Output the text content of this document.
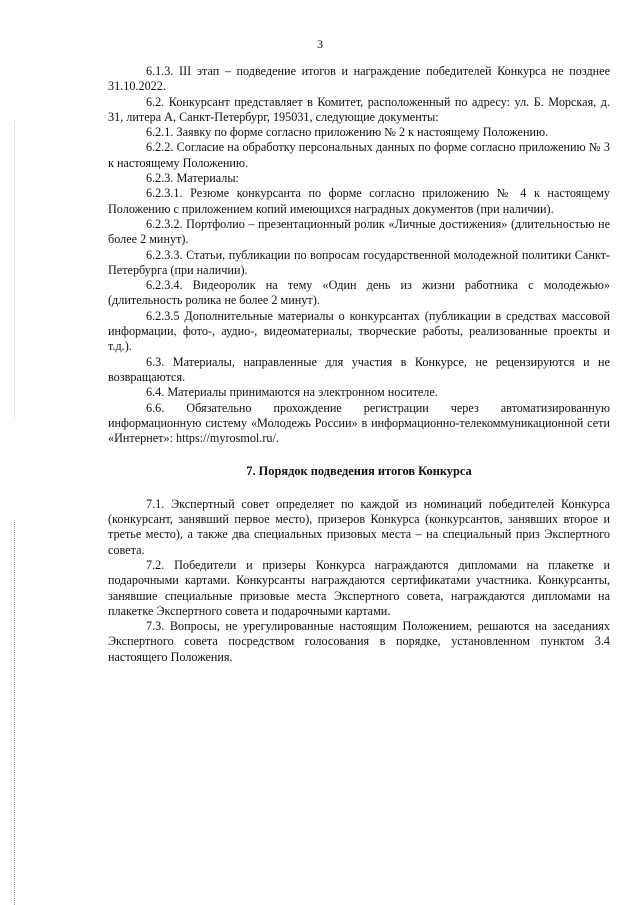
3

6.1.3. III этап – подведение итогов и награждение победителей Конкурса не позднее 31.10.2022.

6.2. Конкурсант представляет в Комитет, расположенный по адресу: ул. Б. Морская, д. 31, литера А, Санкт-Петербург, 195031, следующие документы:

6.2.1. Заявку по форме согласно приложению № 2 к настоящему Положению.

6.2.2. Согласие на обработку персональных данных по форме согласно приложению № 3 к настоящему Положению.

6.2.3. Материалы:

6.2.3.1. Резюме конкурсанта по форме согласно приложению № 4 к настоящему Положению с приложением копий имеющихся наградных документов (при наличии).

6.2.3.2. Портфолио – презентационный ролик «Личные достижения» (длительностью не более 2 минут).

6.2.3.3. Статьи, публикации по вопросам государственной молодежной политики Санкт-Петербурга (при наличии).

6.2.3.4. Видеоролик на тему «Один день из жизни работника с молодежью» (длительность ролика не более 2 минут).

6.2.3.5 Дополнительные материалы о конкурсантах (публикации в средствах массовой информации, фото-, аудио-, видеоматериалы, творческие работы, реализованные проекты и т.д.).

6.3. Материалы, направленные для участия в Конкурсе, не рецензируются и не возвращаются.

6.4. Материалы принимаются на электронном носителе.

6.6. Обязательно прохождение регистрации через автоматизированную информационную систему «Молодежь России» в информационно-телекоммуникационной сети «Интернет»: https://myrosmol.ru/.

7. Порядок подведения итогов Конкурса

7.1. Экспертный совет определяет по каждой из номинаций победителей Конкурса (конкурсант, занявший первое место), призеров Конкурса (конкурсантов, занявших второе и третье место), а также два специальных призовых места – на специальный приз Экспертного совета.

7.2. Победители и призеры Конкурса награждаются дипломами на плакетке и подарочными картами. Конкурсанты награждаются сертификатами участника. Конкурсанты, занявшие специальные призовые места Экспертного совета, награждаются дипломами на плакетке Экспертного совета и подарочными картами.

7.3. Вопросы, не урегулированные настоящим Положением, решаются на заседаниях Экспертного совета посредством голосования в порядке, установленном пунктом 3.4 настоящего Положения.
